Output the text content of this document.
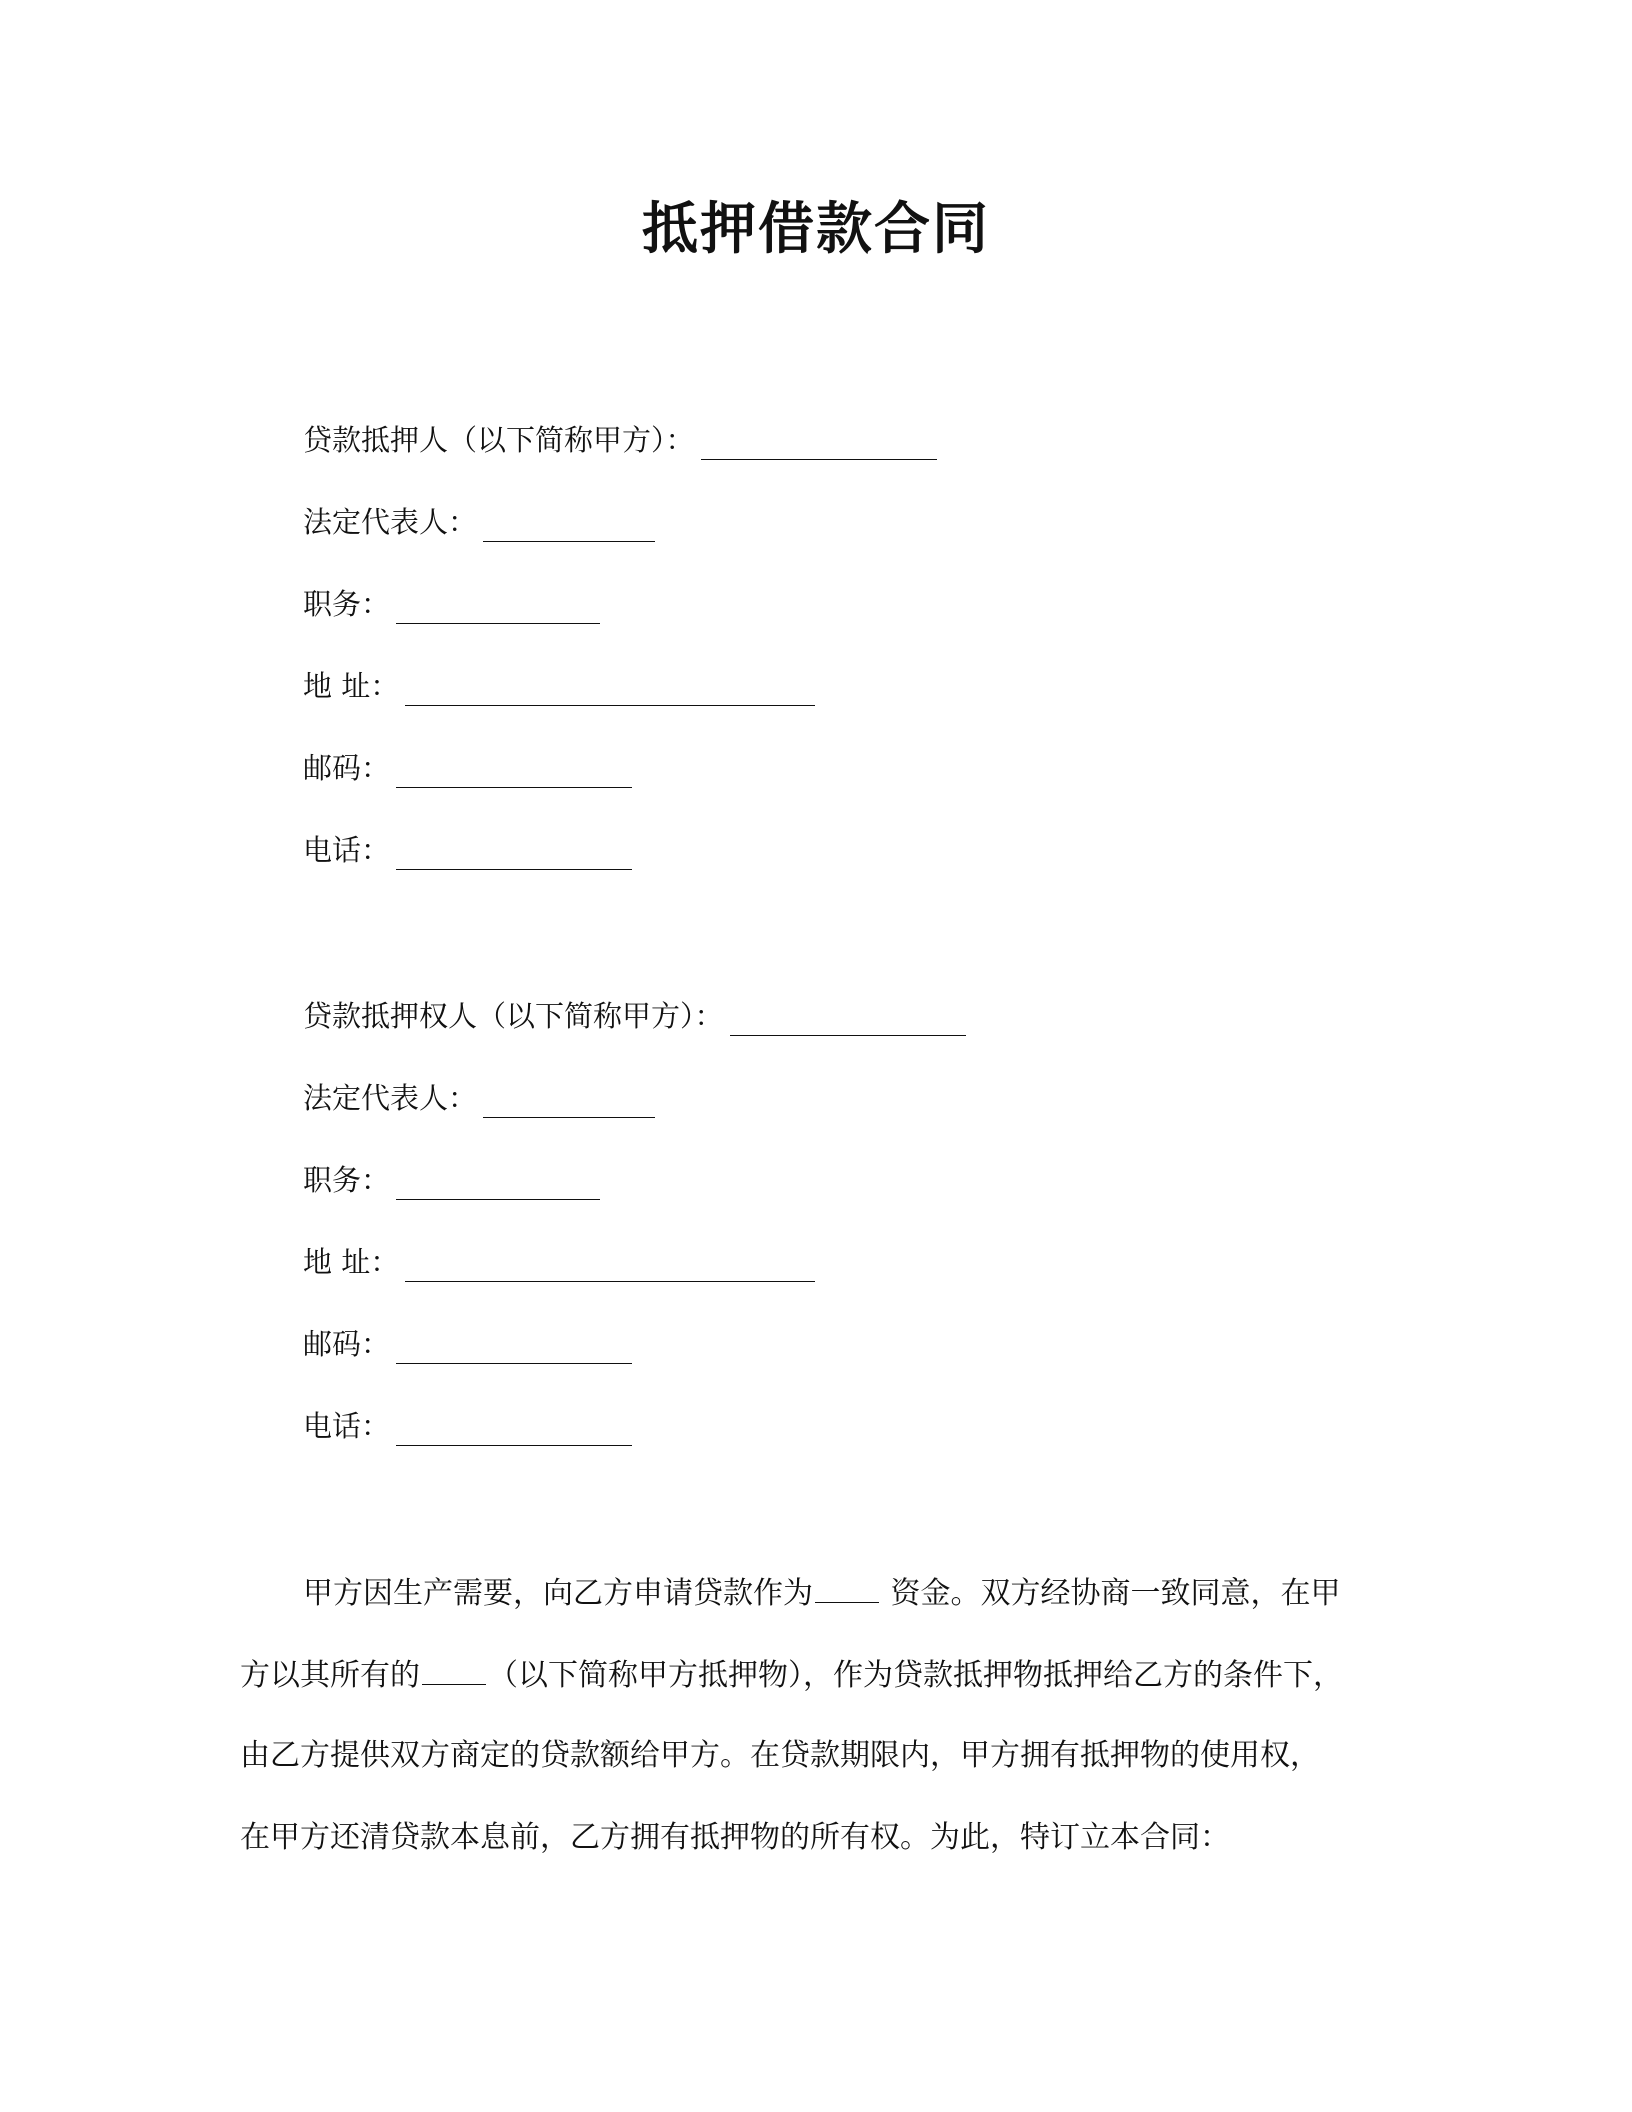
抵押借款合同
贷款抵押人（以下简称甲方）：
法定代表人：
职务：
地 址：
邮码：
电话：
贷款抵押权人（以下简称甲方）：
法定代表人：
职务：
地 址：
邮码：
电话：
甲方因生产需要，向乙方申请贷款作为 资金。双方经协商一致同意，在甲
方以其所有的 （以下简称甲方抵押物），作为贷款抵押物抵押给乙方的条件下，
由乙方提供双方商定的贷款额给甲方。在贷款期限内，甲方拥有抵押物的使用权，
在甲方还清贷款本息前，乙方拥有抵押物的所有权。为此，特订立本合同：
